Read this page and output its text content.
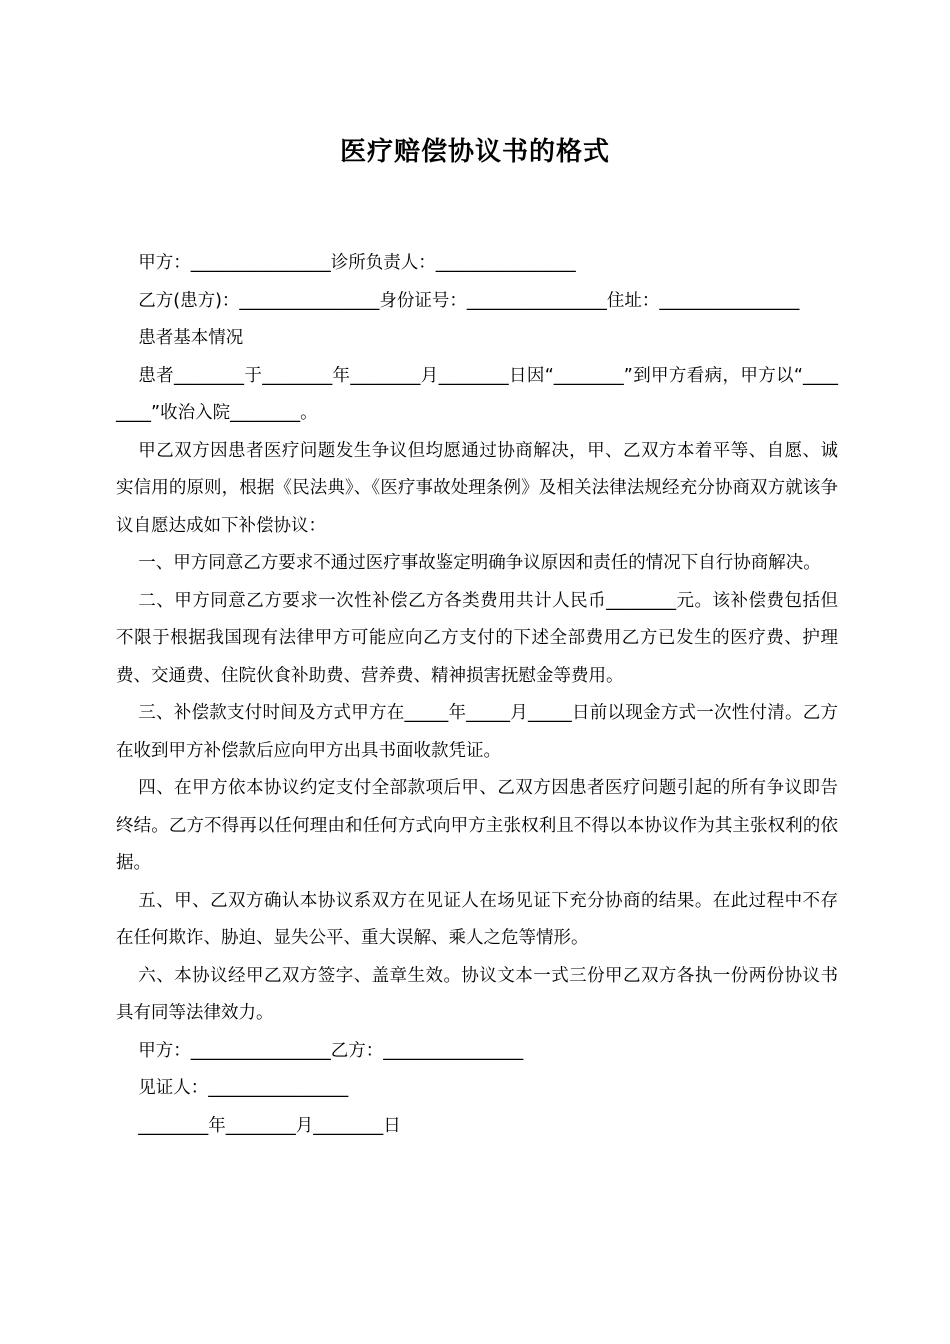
医疗赔偿协议书的格式

甲方：________________诊所负责人：________________

乙方(患方)：________________身份证号：________________住址：________________

患者基本情况

患者________于________年________月________日因“________”到甲方看病，甲方以“________”收治入院________。

甲乙双方因患者医疗问题发生争议但均愿通过协商解决，甲、乙双方本着平等、自愿、诚实信用的原则，根据《民法典》、《医疗事故处理条例》及相关法律法规经充分协商双方就该争议自愿达成如下补偿协议：

一、甲方同意乙方要求不通过医疗事故鉴定明确争议原因和责任的情况下自行协商解决。

二、甲方同意乙方要求一次性补偿乙方各类费用共计人民币________元。该补偿费包括但不限于根据我国现有法律甲方可能应向乙方支付的下述全部费用乙方已发生的医疗费、护理费、交通费、住院伙食补助费、营养费、精神损害抚慰金等费用。

三、补偿款支付时间及方式甲方在_____年_____月_____日前以现金方式一次性付清。乙方在收到甲方补偿款后应向甲方出具书面收款凭证。

四、在甲方依本协议约定支付全部款项后甲、乙双方因患者医疗问题引起的所有争议即告终结。乙方不得再以任何理由和任何方式向甲方主张权利且不得以本协议作为其主张权利的依据。

五、甲、乙双方确认本协议系双方在见证人在场见证下充分协商的结果。在此过程中不存在任何欺诈、胁迫、显失公平、重大误解、乘人之危等情形。

六、本协议经甲乙双方签字、盖章生效。协议文本一式三份甲乙双方各执一份两份协议书具有同等法律效力。

甲方：________________乙方：________________

见证人：________________

________年________月________日
